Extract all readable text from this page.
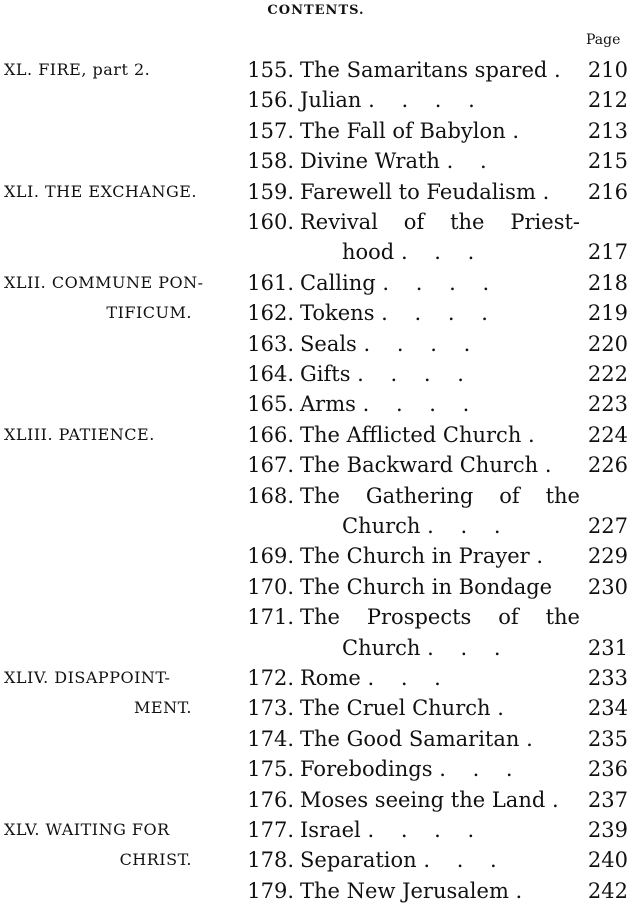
CONTENTS.
Page
XL. FIRE, part 2.	155. The Samaritans spared . 210
156. Julian . . . .	212
157. The Fall of Babylon .	213
158. Divine Wrath . .	215
XLI. THE EXCHANGE. 159. Farewell to Feudalism .	216
160. Revival of the Priest-
hood . . .	217
XLII. COMMUNE PON- 161. Calling . . . .	218
TIFICUM.	162. Tokens . . . .	219
163. Seals . . . .	220
164. Gifts . . . .	222
165. Arms . . . .	223
XLIII. PATIENCE.	166. The Afflicted Church .	224
167. The Backward Church .	226
168. The Gathering of the
Church . . .	227
169. The Church in Prayer .	229
170. The Church in Bondage	230
171. The Prospects of the
Church . . .	231
XLIV. DISAPPOINT-	172. Rome . . .	233
MENT.	173. The Cruel Church .	234
174. The Good Samaritan .	235
175. Forebodings . . .	236
176. Moses seeing the Land . 237
XLV. WAITING FOR	177. Israel . . . .	239
CHRIST.	178. Separation . . .	240
179. The New Jerusalem .	242
